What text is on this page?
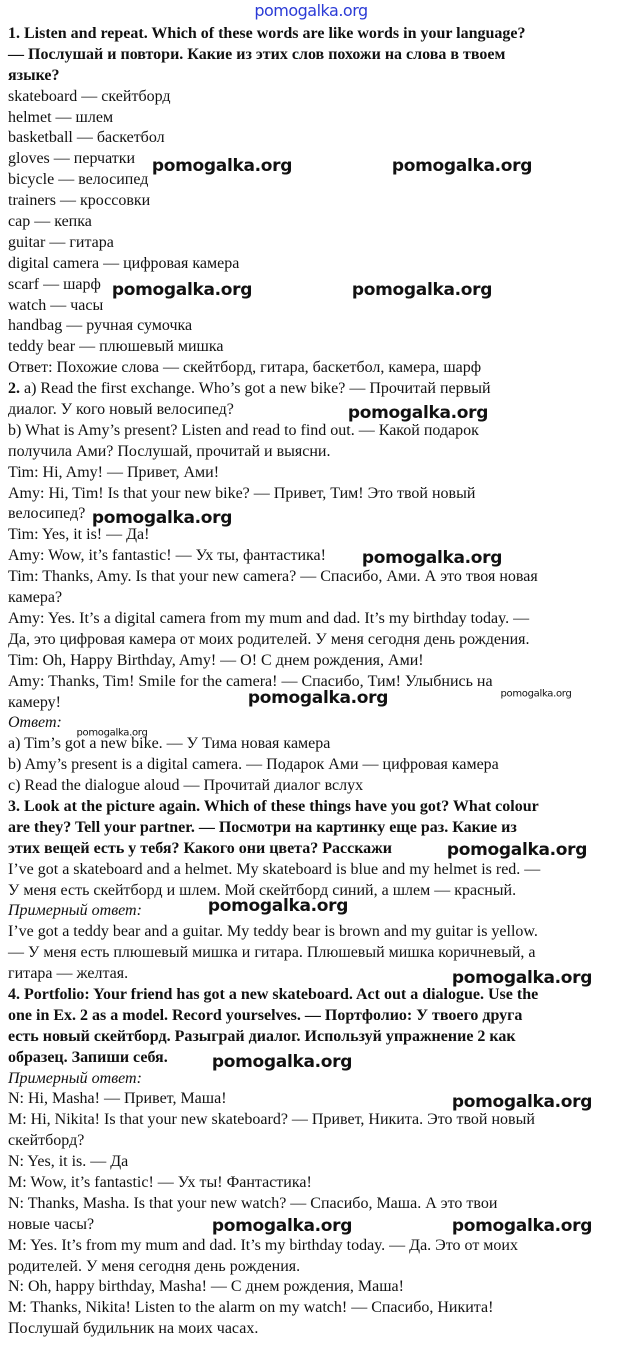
pomogalka.org
1. Listen and repeat. Which of these words are like words in your language?
— Послушай и повтори. Какие из этих слов похожи на слова в твоем
языке?
skateboard — скейтборд
helmet — шлем
basketball — баскетбол
gloves — перчатки
bicycle — велосипед
trainers — кроссовки
cap — кепка
guitar — гитара
digital camera — цифровая камера
scarf — шарф
watch — часы
handbag — ручная сумочка
teddy bear — плюшевый мишка
Ответ: Похожие слова — скейтборд, гитара, баскетбол, камера, шарф
2. a) Read the first exchange. Who’s got a new bike? — Прочитай первый
диалог. У кого новый велосипед?
b) What is Amy’s present? Listen and read to find out. — Какой подарок
получила Ами? Послушай, прочитай и выясни.
Tim: Hi, Amy! — Привет, Ами!
Amy: Hi, Tim! Is that your new bike? — Привет, Тим! Это твой новый
велосипед?
Tim: Yes, it is! — Да!
Amy: Wow, it’s fantastic! — Ух ты, фантастика!
Tim: Thanks, Amy. Is that your new camera? — Спасибо, Ами. А это твоя новая
камера?
Amy: Yes. It’s a digital camera from my mum and dad. It’s my birthday today. —
Да, это цифровая камера от моих родителей. У меня сегодня день рождения.
Tim: Oh, Happy Birthday, Amy! — О! С днем рождения, Ами!
Amy: Thanks, Tim! Smile for the camera! — Спасибо, Тим! Улыбнись на
камеру!
Ответ:
a) Tim’s got a new bike. — У Тима новая камера
b) Amy’s present is a digital camera. — Подарок Ами — цифровая камера
c) Read the dialogue aloud — Прочитай диалог вслух
3. Look at the picture again. Which of these things have you got? What colour
are they? Tell your partner. — Посмотри на картинку еще раз. Какие из
этих вещей есть у тебя? Какого они цвета? Расскажи
I’ve got a skateboard and a helmet. My skateboard is blue and my helmet is red. —
У меня есть скейтборд и шлем. Мой скейтборд синий, а шлем — красный.
Примерный ответ:
I’ve got a teddy bear and a guitar. My teddy bear is brown and my guitar is yellow.
— У меня есть плюшевый мишка и гитара. Плюшевый мишка коричневый, а
гитара — желтая.
4. Portfolio: Your friend has got a new skateboard. Act out a dialogue. Use the
one in Ex. 2 as a model. Record yourselves. — Портфолио: У твоего друга
есть новый скейтборд. Разыграй диалог. Используй упражнение 2 как
образец. Запиши себя.
Примерный ответ:
N: Hi, Masha! — Привет, Маша!
M: Hi, Nikita! Is that your new skateboard? — Привет, Никита. Это твой новый
скейтборд?
N: Yes, it is. — Да
M: Wow, it’s fantastic! — Ух ты! Фантастика!
N: Thanks, Masha. Is that your new watch? — Спасибо, Маша. А это твои
новые часы?
M: Yes. It’s from my mum and dad. It’s my birthday today. — Да. Это от моих
родителей. У меня сегодня день рождения.
N: Oh, happy birthday, Masha! — С днем рождения, Маша!
M: Thanks, Nikita! Listen to the alarm on my watch! — Спасибо, Никита!
Послушай будильник на моих часах.
pomogalka.org	pomogalka.org
pomogalka.org	pomogalka.org
pomogalka.org
pomogalka.org
pomogalka.org
pomogalka.org
pomogalka.org
pomogalka.org
pomogalka.org
pomogalka.org
pomogalka.org
pomogalka.org	pomogalka.org
pomogalka.org
pomogalka.org
